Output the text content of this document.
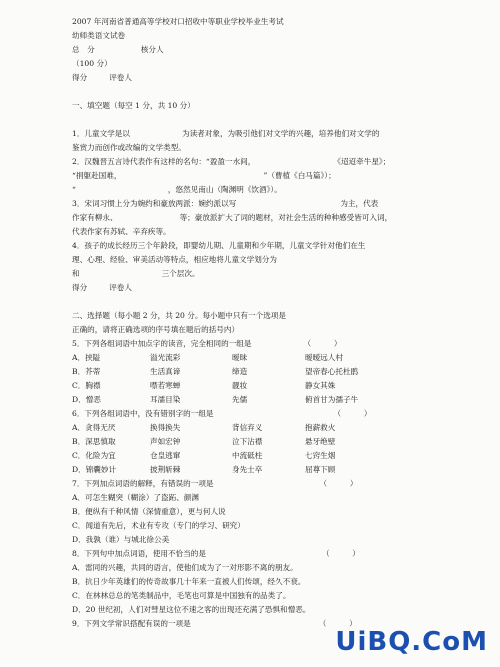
2007 年河南省普通高等学校对口招收中等职业学校毕业生考试
幼师类语文试卷
总　分	核分人
（100 分）
得分	评卷人
一、填空题（每空 1 分，共 10 分）
1．儿童文学是以	为读者对象，为吸引他们对文学的兴趣，培养他们对文学的
鉴赏力而创作或改编的文学类型。
2．汉魏晋五言诗代表作有这样的名句：“盈盈一水间，	《迢迢牵牛星》；
“捐躯赴国难，	”（曹植《白马篇》）；
“	，悠然见南山（陶渊明《饮酒》）。
3．宋词习惯上分为婉约和豪放两派：婉约派以写	为主，代表
作家有柳永、	等；豪放派扩大了词的题材，对社会生活的种种感受皆可入词，
代表作家有苏轼、辛弃疾等。
4．孩子的成长经历三个年龄段，即婴幼儿期、儿童期和少年期，儿童文学针对他们在生
理、心理、经验、审美活动等特点，相应地将儿童文学划分为
和	三个层次。
得分	评卷人
二、选择题（每小题 2 分，共 20 分。每小题中只有一个选项是
正确的，请将正确选项的序号填在题后的括号内）
5．下列各组词语中加点字的读音，完全相同的一组是	（　　　）
A．挟隘	溢光流彩	暧昧	暧暧远人村
B．芥蒂	生活真谛	缔造	望帝春心托杜鹃
C．胸襟	噤若寒蝉	靓妆	静女其姝
D．憎恶	耳濡目染	先儒	俯首甘为孺子牛
6．下列各组词语中，没有错别字的一组是	（　　　）
A．贪得无厌	换得换失	背信弃义	抱薪救火
B．深思慎取	声如宏钟	泣下沾襟	悬牙绝壁
C．化险为宜	仓皇逃窜	中流砥柱	七窍生烟
D．锦囊妙计	披荆斩棘	身先士卒	屈尊下顾
7．下列加点词语的解释，有错误的一项是	（　　　）
A．可怎生糊突（糊涂）了盗跖、颜渊
B．便纵有千种风情（深情重意），更与何人说
C．闻道有先后，术业有专攻（专门的学习、研究）
D．我孰（谁）与城北徐公美
8．下列句中加点词语，使用不恰当的是	（　　　）
A．雷同的兴趣，共同的语言，使他们成为了一对形影不离的朋友。
B．抗日少年英雄们的传奇故事几十年来一直被人们传颂，经久不衰。
C．在林林总总的笔类制品中，毛笔也可算是中国独有的品类了。
D．20 世纪初，人们对彗星这位不速之客的出现还充满了恐惧和憎恶。
9．下列文学常识搭配有误的一项是	（　　　）
UiBQ.CoM
